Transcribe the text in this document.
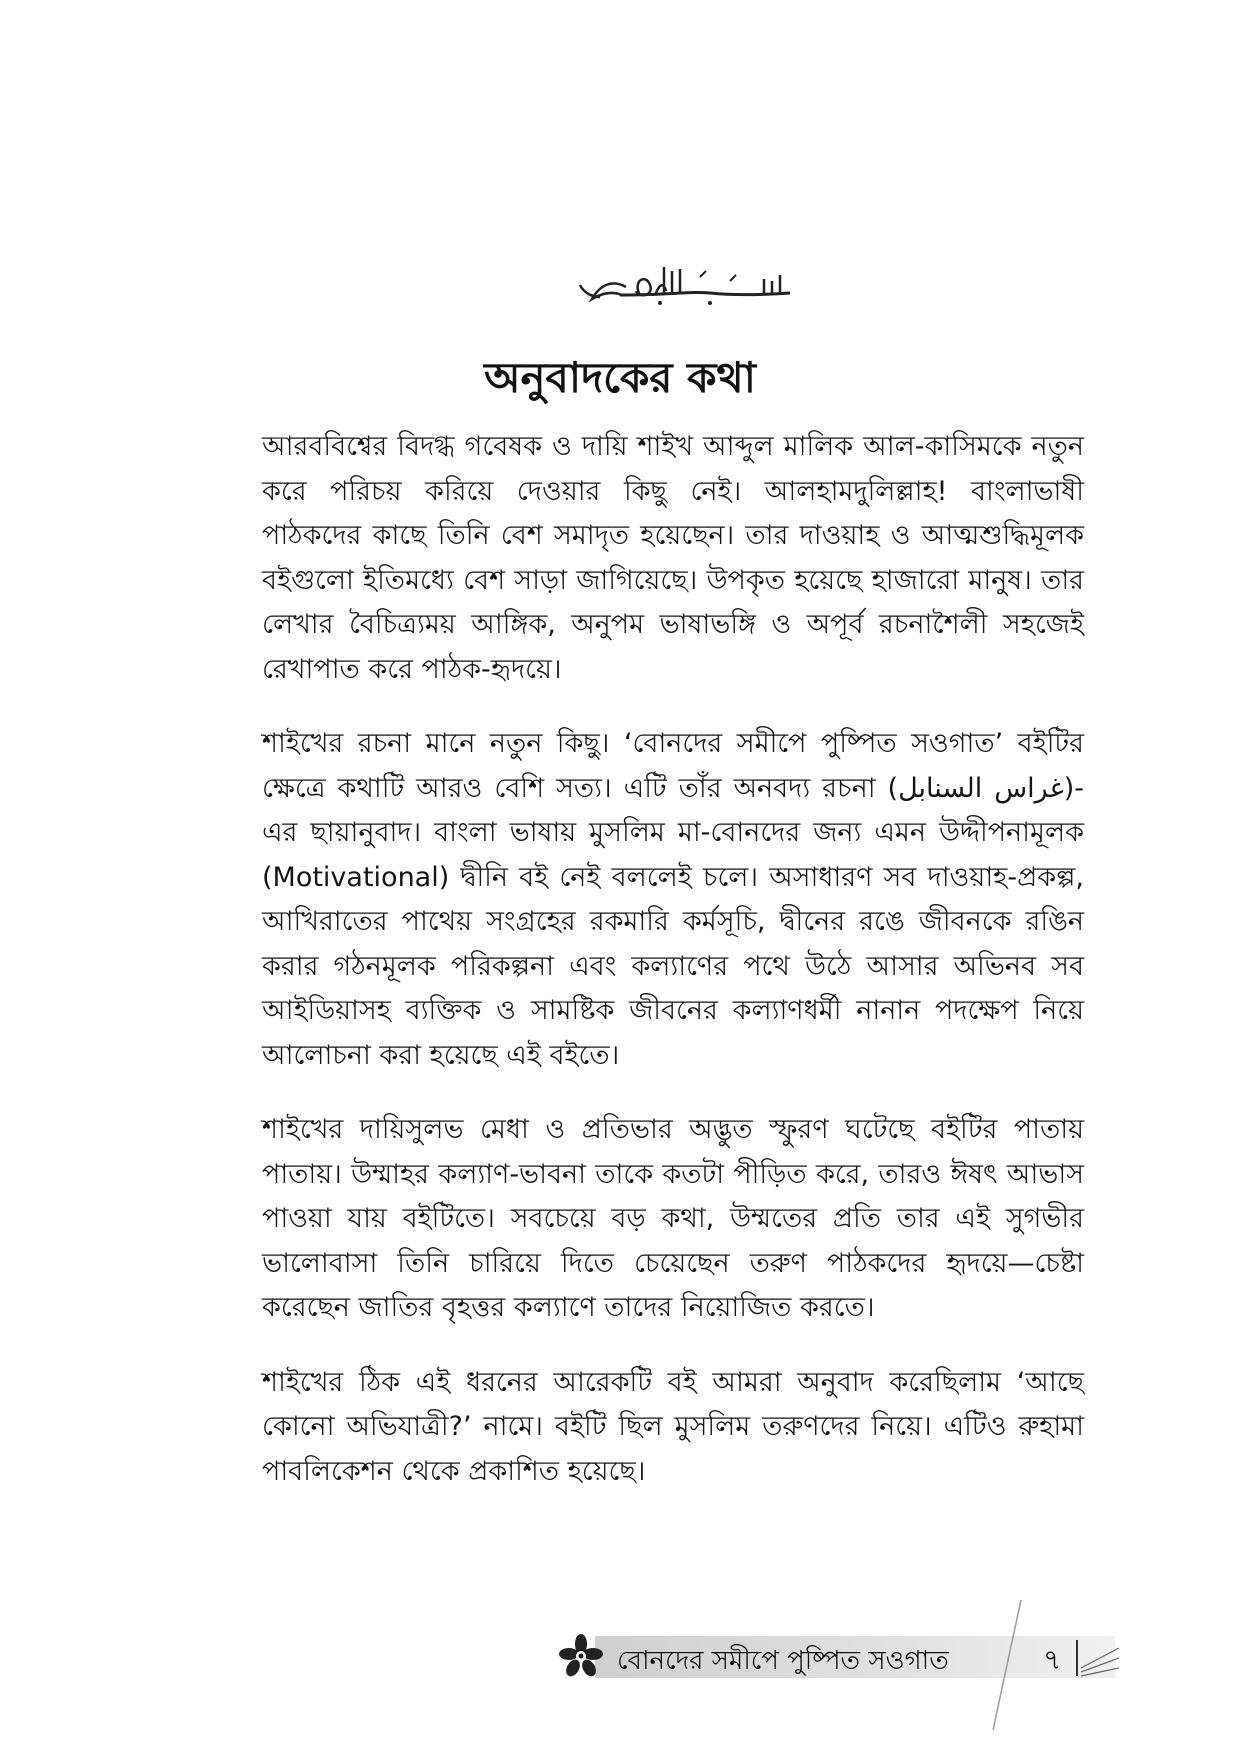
অনুবাদকের কথা

আরববিশ্বের বিদগ্ধ গবেষক ও দায়ি শাইখ আব্দুল মালিক আল-কাসিমকে নতুন করে পরিচয় করিয়ে দেওয়ার কিছু নেই। আলহামদুলিল্লাহ! বাংলাভাষী পাঠকদের কাছে তিনি বেশ সমাদৃত হয়েছেন। তার দাওয়াহ ও আত্মশুদ্ধিমূলক বইগুলো ইতিমধ্যে বেশ সাড়া জাগিয়েছে। উপকৃত হয়েছে হাজারো মানুষ। তার লেখার বৈচিত্র্যময় আঙ্গিক, অনুপম ভাষাভঙ্গি ও অপূর্ব রচনাশৈলী সহজেই রেখাপাত করে পাঠক-হৃদয়ে।

শাইখের রচনা মানে নতুন কিছু। ‘বোনদের সমীপে পুষ্পিত সওগাত’ বইটির ক্ষেত্রে কথাটি আরও বেশি সত্য। এটি তাঁর অনবদ্য রচনা (غراس السنابل)-এর ছায়ানুবাদ। বাংলা ভাষায় মুসলিম মা-বোনদের জন্য এমন উদ্দীপনামূলক (Motivational) দ্বীনি বই নেই বললেই চলে। অসাধারণ সব দাওয়াহ-প্রকল্প, আখিরাতের পাথেয় সংগ্রহের রকমারি কর্মসূচি, দ্বীনের রঙে জীবনকে রঙিন করার গঠনমূলক পরিকল্পনা এবং কল্যাণের পথে উঠে আসার অভিনব সব আইডিয়াসহ ব্যক্তিক ও সামষ্টিক জীবনের কল্যাণধর্মী নানান পদক্ষেপ নিয়ে আলোচনা করা হয়েছে এই বইতে।

শাইখের দায়িসুলভ মেধা ও প্রতিভার অদ্ভুত স্ফুরণ ঘটেছে বইটির পাতায় পাতায়। উম্মাহর কল্যাণ-ভাবনা তাকে কতটা পীড়িত করে, তারও ঈষৎ আভাস পাওয়া যায় বইটিতে। সবচেয়ে বড় কথা, উম্মতের প্রতি তার এই সুগভীর ভালোবাসা তিনি চারিয়ে দিতে চেয়েছেন তরুণ পাঠকদের হৃদয়ে—চেষ্টা করেছেন জাতির বৃহত্তর কল্যাণে তাদের নিয়োজিত করতে।

শাইখের ঠিক এই ধরনের আরেকটি বই আমরা অনুবাদ করেছিলাম ‘আছে কোনো অভিযাত্রী?’ নামে। বইটি ছিল মুসলিম তরুণদের নিয়ে। এটিও রুহামা পাবলিকেশন থেকে প্রকাশিত হয়েছে।

বোনদের সমীপে পুষ্পিত সওগাত	৭
